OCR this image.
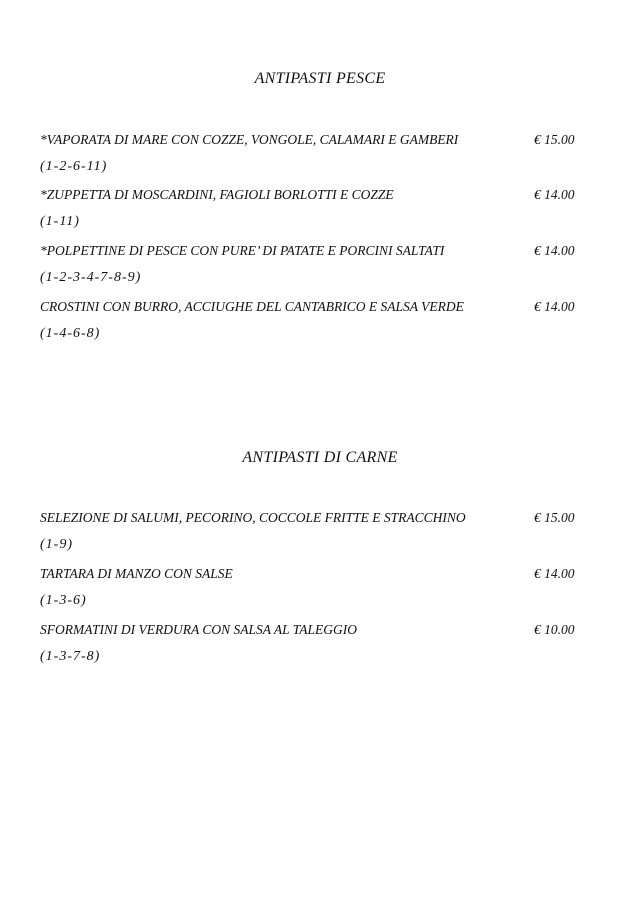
ANTIPASTI PESCE
*VAPORATA DI MARE CON COZZE, VONGOLE, CALAMARI E GAMBERI	€ 15.00
(1-2-6-11)
*ZUPPETTA DI MOSCARDINI, FAGIOLI BORLOTTI E COZZE	€ 14.00
(1-11)
*POLPETTINE DI PESCE CON PURE’ DI PATATE E PORCINI SALTATI	€ 14.00
(1-2-3-4-7-8-9)
CROSTINI CON BURRO, ACCIUGHE DEL CANTABRICO E SALSA VERDE	€ 14.00
(1-4-6-8)
ANTIPASTI DI CARNE
SELEZIONE DI SALUMI, PECORINO, COCCOLE FRITTE E STRACCHINO	€ 15.00
(1-9)
TARTARA DI MANZO CON SALSE	€ 14.00
(1-3-6)
SFORMATINI DI VERDURA CON SALSA AL TALEGGIO	€ 10.00
(1-3-7-8)
